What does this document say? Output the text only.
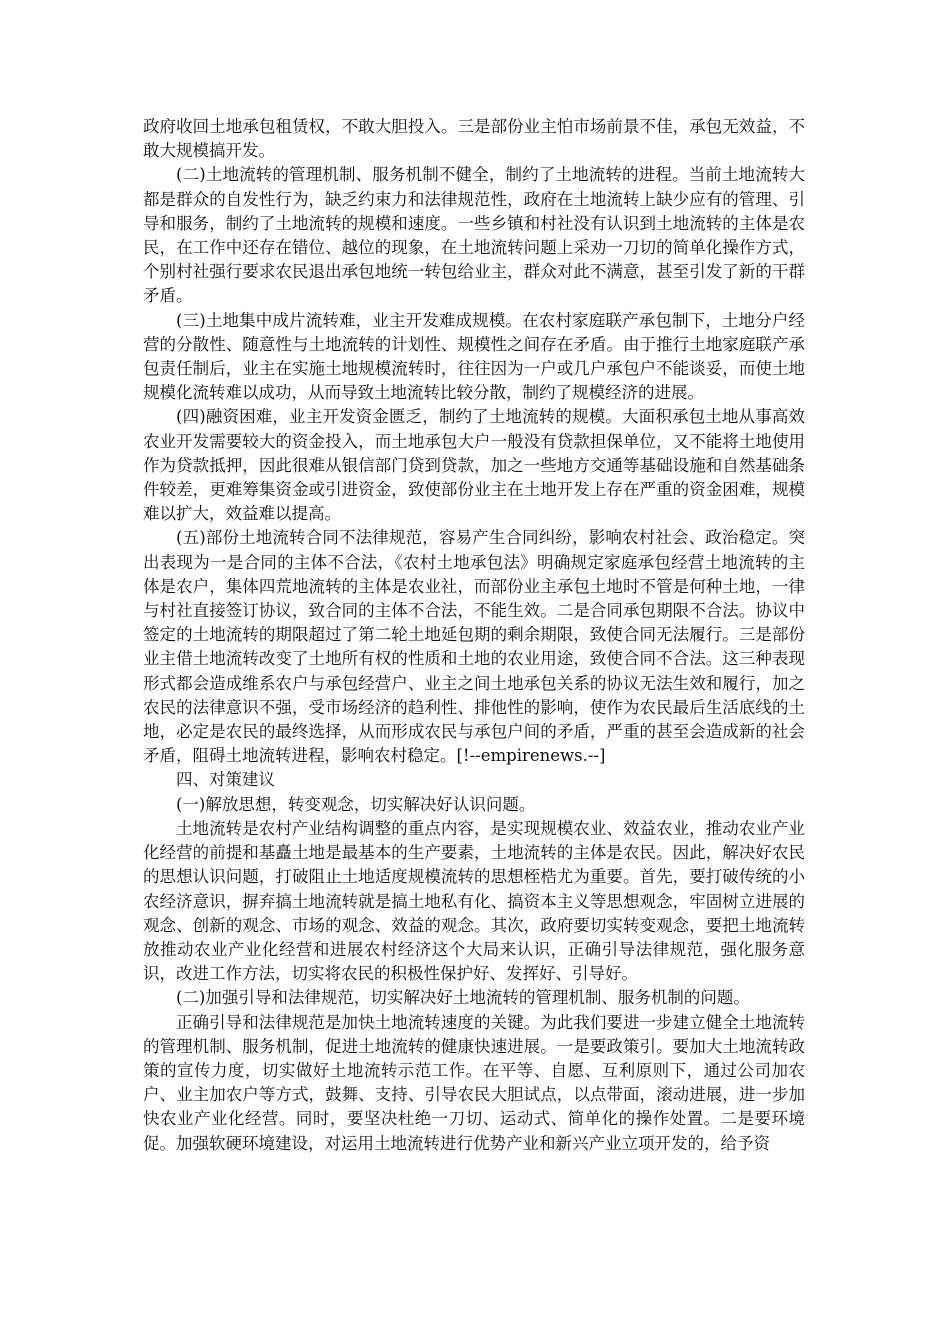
政府收回土地承包租赁权，不敢大胆投入。三是部份业主怕市场前景不佳，承包无效益，不敢大规模搞开发。

(二)土地流转的管理机制、服务机制不健全，制约了土地流转的进程。当前土地流转大都是群众的自发性行为，缺乏约束力和法律规范性，政府在土地流转上缺少应有的管理、引导和服务，制约了土地流转的规模和速度。一些乡镇和村社没有认识到土地流转的主体是农民，在工作中还存在错位、越位的现象，在土地流转问题上采劝一刀切的简单化操作方式，个别村社强行要求农民退出承包地统一转包给业主，群众对此不满意，甚至引发了新的干群矛盾。

(三)土地集中成片流转难，业主开发难成规模。在农村家庭联产承包制下，土地分户经营的分散性、随意性与土地流转的计划性、规模性之间存在矛盾。由于推行土地家庭联产承包责任制后，业主在实施土地规模流转时，往往因为一户或几户承包户不能谈妥，而使土地规模化流转难以成功，从而导致土地流转比较分散，制约了规模经济的进展。

(四)融资困难，业主开发资金匮乏，制约了土地流转的规模。大面积承包土地从事高效农业开发需要较大的资金投入，而土地承包大户一般没有贷款担保单位，又不能将土地使用作为贷款抵押，因此很难从银信部门贷到贷款，加之一些地方交通等基础设施和自然基础条件较差，更难筹集资金或引进资金，致使部份业主在土地开发上存在严重的资金困难，规模难以扩大，效益难以提高。

(五)部份土地流转合同不法律规范，容易产生合同纠纷，影响农村社会、政治稳定。突出表现为一是合同的主体不合法，《农村土地承包法》明确规定家庭承包经营土地流转的主体是农户，集体四荒地流转的主体是农业社，而部份业主承包土地时不管是何种土地，一律与村社直接签订协议，致合同的主体不合法，不能生效。二是合同承包期限不合法。协议中签定的土地流转的期限超过了第二轮土地延包期的剩余期限，致使合同无法履行。三是部份业主借土地流转改变了土地所有权的性质和土地的农业用途，致使合同不合法。这三种表现形式都会造成维系农户与承包经营户、业主之间土地承包关系的协议无法生效和履行，加之农民的法律意识不强，受市场经济的趋利性、排他性的影响，使作为农民最后生活底线的土地，必定是农民的最终选择，从而形成农民与承包户间的矛盾，严重的甚至会造成新的社会矛盾，阻碍土地流转进程，影响农村稳定。[!--empirenews.--]

四、对策建议

(一)解放思想，转变观念，切实解决好认识问题。

土地流转是农村产业结构调整的重点内容，是实现规模农业、效益农业，推动农业产业化经营的前提和基矗土地是最基本的生产要素，土地流转的主体是农民。因此，解决好农民的思想认识问题，打破阻止土地适度规模流转的思想桎梏尤为重要。首先，要打破传统的小农经济意识，摒弃搞土地流转就是搞土地私有化、搞资本主义等思想观念，牢固树立进展的观念、创新的观念、市场的观念、效益的观念。其次，政府要切实转变观念，要把土地流转放推动农业产业化经营和进展农村经济这个大局来认识，正确引导法律规范，强化服务意识，改进工作方法，切实将农民的积极性保护好、发挥好、引导好。

(二)加强引导和法律规范，切实解决好土地流转的管理机制、服务机制的问题。

正确引导和法律规范是加快土地流转速度的关键。为此我们要进一步建立健全土地流转的管理机制、服务机制，促进土地流转的健康快速进展。一是要政策引。要加大土地流转政策的宣传力度，切实做好土地流转示范工作。在平等、自愿、互利原则下，通过公司加农户、业主加农户等方式，鼓舞、支持、引导农民大胆试点，以点带面，滚动进展，进一步加快农业产业化经营。同时，要坚决杜绝一刀切、运动式、简单化的操作处置。二是要环境促。加强软硬环境建设，对运用土地流转进行优势产业和新兴产业立项开发的，给予资
